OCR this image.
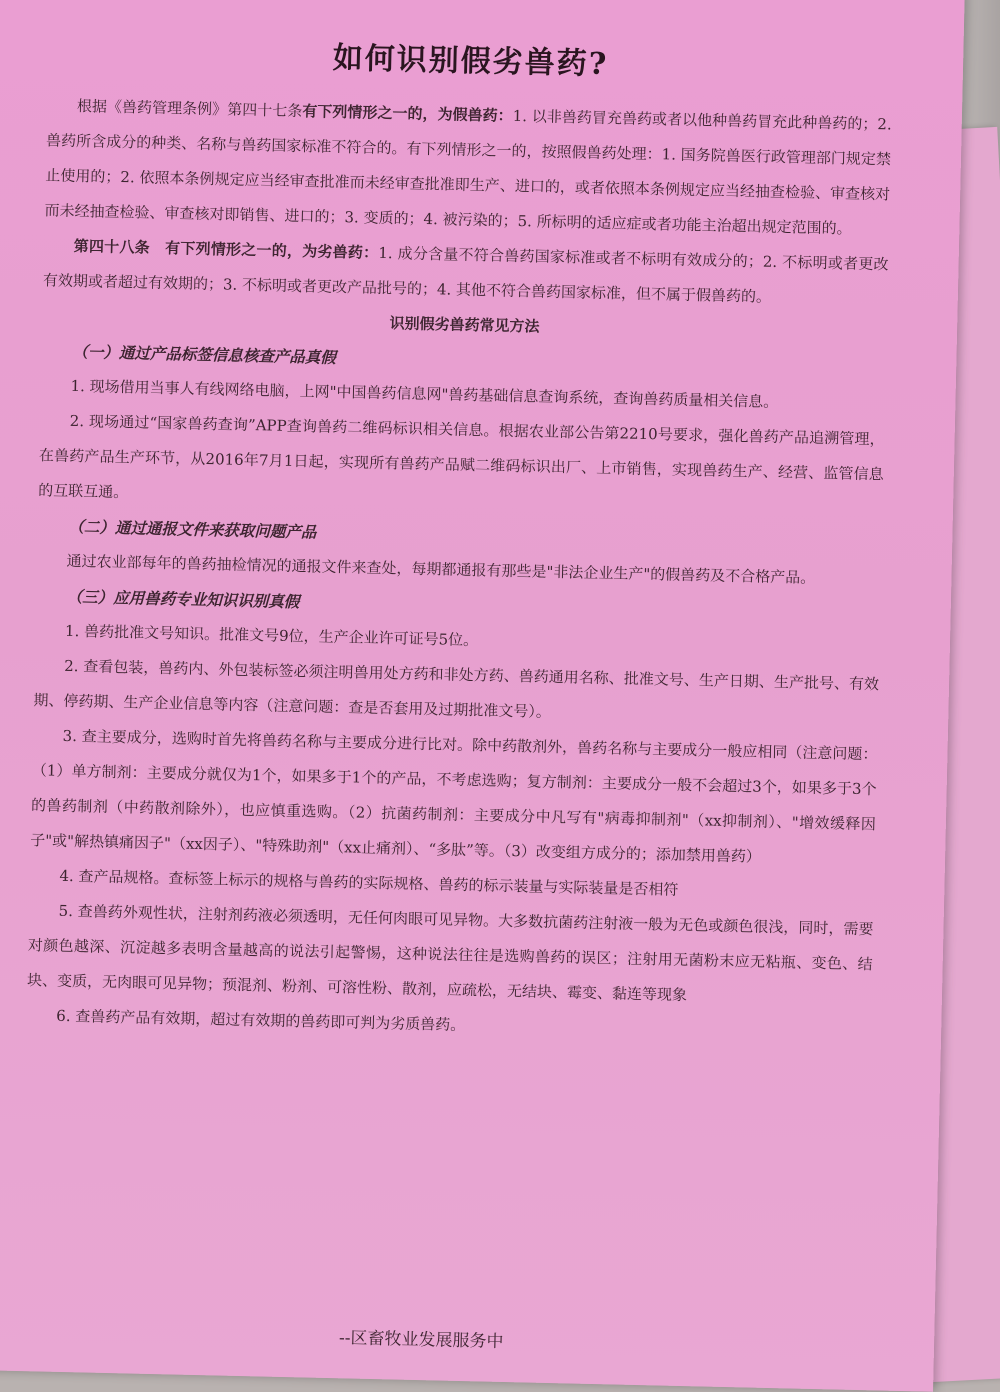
如何识别假劣兽药?

根据《兽药管理条例》第四十七条有下列情形之一的，为假兽药：1. 以非兽药冒充兽药或者以他种兽药冒充此种兽药的；2. 兽药所含成分的种类、名称与兽药国家标准不符合的。有下列情形之一的，按照假兽药处理：1. 国务院兽医行政管理部门规定禁止使用的；2. 依照本条例规定应当经审查批准而未经审查批准即生产、进口的，或者依照本条例规定应当经抽查检验、审查核对而未经抽查检验、审查核对即销售、进口的；3. 变质的；4. 被污染的；5. 所标明的适应症或者功能主治超出规定范围的。

第四十八条　有下列情形之一的，为劣兽药：1. 成分含量不符合兽药国家标准或者不标明有效成分的；2. 不标明或者更改有效期或者超过有效期的；3. 不标明或者更改产品批号的；4. 其他不符合兽药国家标准，但不属于假兽药的。

识别假劣兽药常见方法

（一）通过产品标签信息核查产品真假

1. 现场借用当事人有线网络电脑，上网"中国兽药信息网"兽药基础信息查询系统，查询兽药质量相关信息。

2. 现场通过“国家兽药查询”APP查询兽药二维码标识相关信息。根据农业部公告第2210号要求，强化兽药产品追溯管理，在兽药产品生产环节，从2016年7月1日起，实现所有兽药产品赋二维码标识出厂、上市销售，实现兽药生产、经营、监管信息的互联互通。

（二）通过通报文件来获取问题产品

通过农业部每年的兽药抽检情况的通报文件来查处，每期都通报有那些是"非法企业生产"的假兽药及不合格产品。

（三）应用兽药专业知识识别真假

1. 兽药批准文号知识。批准文号9位，生产企业许可证号5位。

2. 查看包装，兽药内、外包装标签必须注明兽用处方药和非处方药、兽药通用名称、批准文号、生产日期、生产批号、有效期、停药期、生产企业信息等内容（注意问题：查是否套用及过期批准文号）。

3. 查主要成分，选购时首先将兽药名称与主要成分进行比对。除中药散剂外，兽药名称与主要成分一般应相同（注意问题：（1）单方制剂：主要成分就仅为1个，如果多于1个的产品，不考虑选购；复方制剂：主要成分一般不会超过3个，如果多于3个的兽药制剂（中药散剂除外），也应慎重选购。（2）抗菌药制剂：主要成分中凡写有"病毒抑制剂"（xx抑制剂）、"增效缓释因子"或"解热镇痛因子"（xx因子）、"特殊助剂"（xx止痛剂）、“多肽”等。（3）改变组方成分的；添加禁用兽药）

4. 查产品规格。查标签上标示的规格与兽药的实际规格、兽药的标示装量与实际装量是否相符

5. 查兽药外观性状，注射剂药液必须透明，无任何肉眼可见异物。大多数抗菌药注射液一般为无色或颜色很浅，同时，需要对颜色越深、沉淀越多表明含量越高的说法引起警惕，这种说法往往是选购兽药的误区；注射用无菌粉末应无粘瓶、变色、结块、变质，无肉眼可见异物；预混剂、粉剂、可溶性粉、散剂，应疏松，无结块、霉变、黏连等现象

6. 查兽药产品有效期，超过有效期的兽药即可判为劣质兽药。

--区畜牧业发展服务中
